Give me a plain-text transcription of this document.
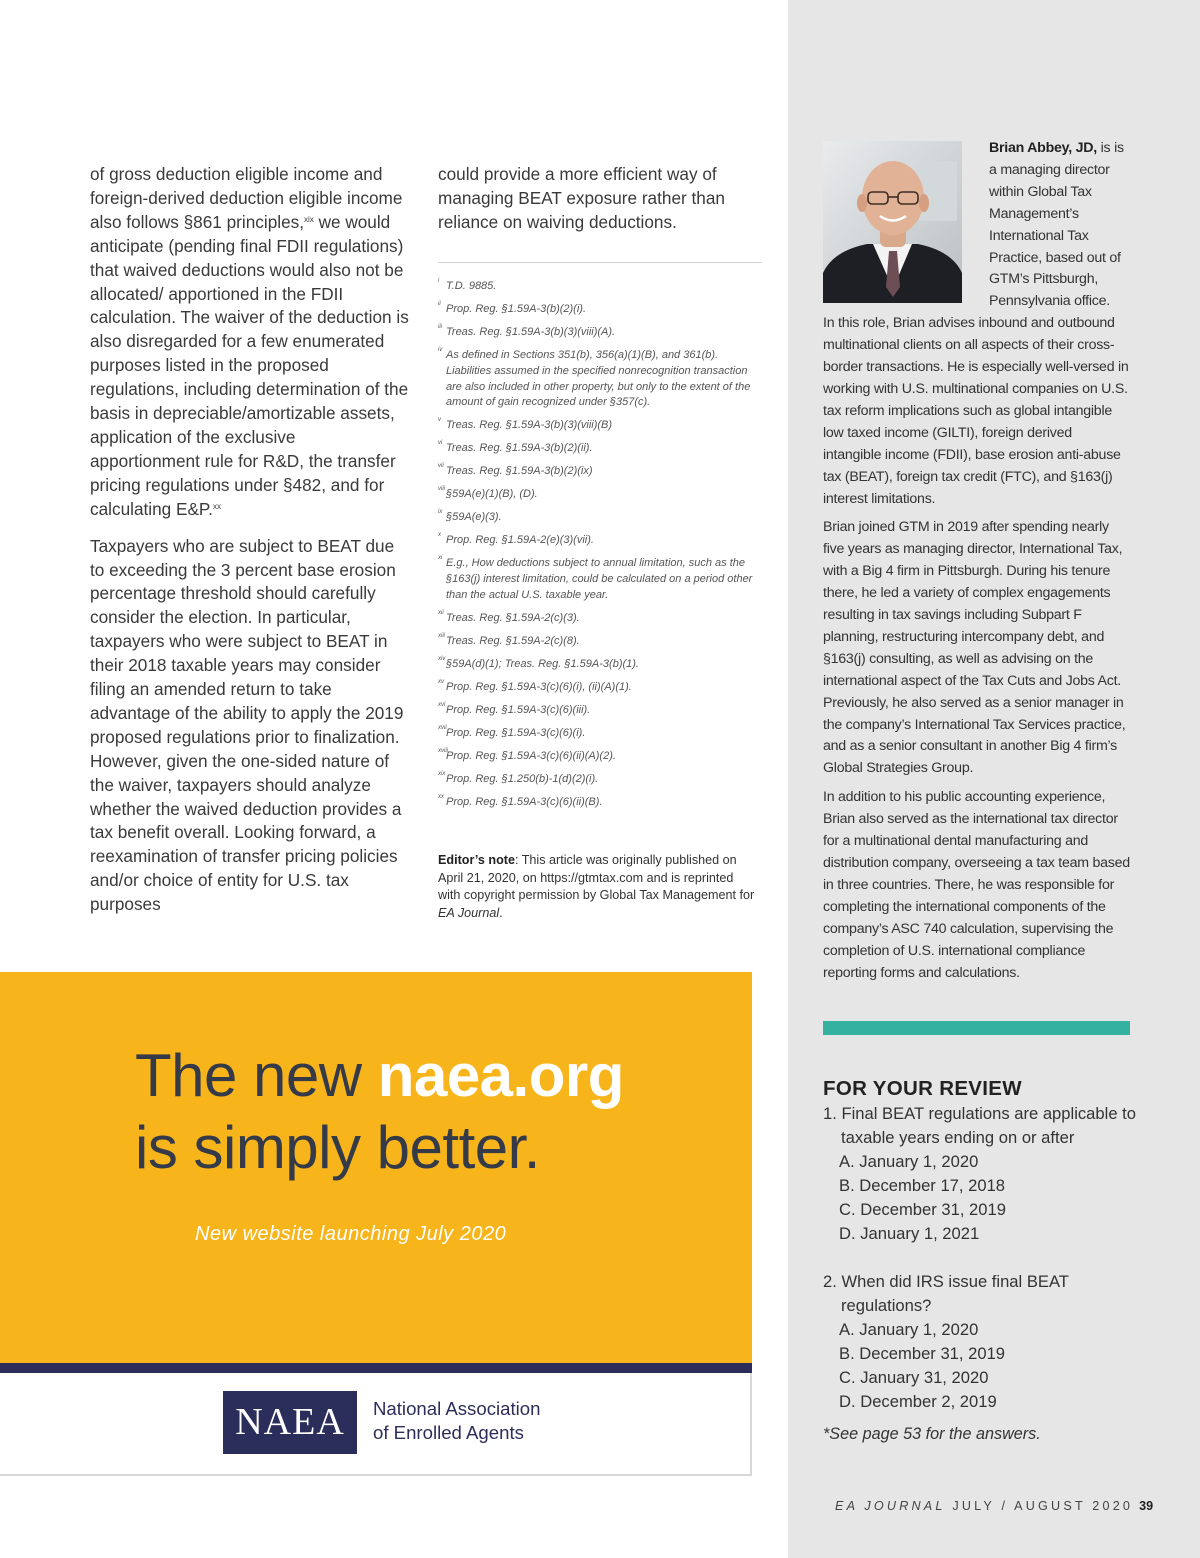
of gross deduction eligible income and foreign-derived deduction eligible income also follows §861 principles,$^{xix}$ we would anticipate (pending final FDII regulations) that waived deductions would also not be allocated/ apportioned in the FDII calculation. The waiver of the deduction is also disregarded for a few enumerated purposes listed in the proposed regulations, including determination of the basis in depreciable/amortizable assets, application of the exclusive apportionment rule for R&D, the transfer pricing regulations under §482, and for calculating E&P.$^{xx}$

Taxpayers who are subject to BEAT due to exceeding the 3 percent base erosion percentage threshold should carefully consider the election. In particular, taxpayers who were subject to BEAT in their 2018 taxable years may consider filing an amended return to take advantage of the ability to apply the 2019 proposed regulations prior to finalization. However, given the one-sided nature of the waiver, taxpayers should analyze whether the waived deduction provides a tax benefit overall. Looking forward, a reexamination of transfer pricing policies and/or choice of entity for U.S. tax purposes

could provide a more efficient way of managing BEAT exposure rather than reliance on waiving deductions.

i T.D. 9885.
ii Prop. Reg. §1.59A-3(b)(2)(i).
iii Treas. Reg. §1.59A-3(b)(3)(viii)(A).
iv As defined in Sections 351(b), 356(a)(1)(B), and 361(b). Liabilities assumed in the specified nonrecognition transaction are also included in other property, but only to the extent of the amount of gain recognized under §357(c).
v Treas. Reg. §1.59A-3(b)(3)(viii)(B)
vi Treas. Reg. §1.59A-3(b)(2)(ii).
vii Treas. Reg. §1.59A-3(b)(2)(ix)
viii §59A(e)(1)(B), (D).
ix §59A(e)(3).
x Prop. Reg. §1.59A-2(e)(3)(vii).
xi E.g., How deductions subject to annual limitation, such as the §163(j) interest limitation, could be calculated on a period other than the actual U.S. taxable year.
xii Treas. Reg. §1.59A-2(c)(3).
xiii Treas. Reg. §1.59A-2(c)(8).
xiv §59A(d)(1); Treas. Reg. §1.59A-3(b)(1).
xv Prop. Reg. §1.59A-3(c)(6)(i), (ii)(A)(1).
xvi Prop. Reg. §1.59A-3(c)(6)(iii).
xvii Prop. Reg. §1.59A-3(c)(6)(i).
xviii
Prop. Reg. §1.59A-3(c)(6)(ii)(A)(2).
xix Prop. Reg. §1.250(b)-1(d)(2)(i).
xx Prop. Reg. §1.59A-3(c)(6)(ii)(B).
Editor’s note: This article was originally published on April 21, 2020, on https://gtmtax.com and is reprinted with copyright permission by Global Tax Management for EA Journal.
The new naea.org
is simply better.
New website launching July 2020
NAEA	National Association
of Enrolled Agents
Brian Abbey, JD, is is a managing director within Global Tax Management’s International Tax Practice, based out of GTM’s Pittsburgh, Pennsylvania office.

In this role, Brian advises inbound and outbound multinational clients on all aspects of their cross-border transactions. He is especially well-versed in working with U.S. multinational companies on U.S. tax reform implications such as global intangible low taxed income (GILTI), foreign derived intangible income (FDII), base erosion anti-abuse tax (BEAT), foreign tax credit (FTC), and §163(j) interest limitations.

Brian joined GTM in 2019 after spending nearly five years as managing director, International Tax, with a Big 4 firm in Pittsburgh. During his tenure there, he led a variety of complex engagements resulting in tax savings including Subpart F planning, restructuring intercompany debt, and §163(j) consulting, as well as advising on the international aspect of the Tax Cuts and Jobs Act. Previously, he also served as a senior manager in the company’s International Tax Services practice, and as a senior consultant in another Big 4 firm’s Global Strategies Group.

In addition to his public accounting experience, Brian also served as the international tax director for a multinational dental manufacturing and distribution company, overseeing a tax team based in three countries. There, he was responsible for completing the international components of the company’s ASC 740 calculation, supervising the completion of U.S. international compliance reporting forms and calculations.

FOR YOUR REVIEW
1. Final BEAT regulations are applicable to taxable years ending on or after
A. January 1, 2020
B. December 17, 2018
C. December 31, 2019
D. January 1, 2021
2. When did IRS issue final BEAT regulations?
A. January 1, 2020
B. December 31, 2019
C. January 31, 2020
D. December 2, 2019
*See page 53 for the answers.
EA JOURNAL JULY / AUGUST 2020 39
